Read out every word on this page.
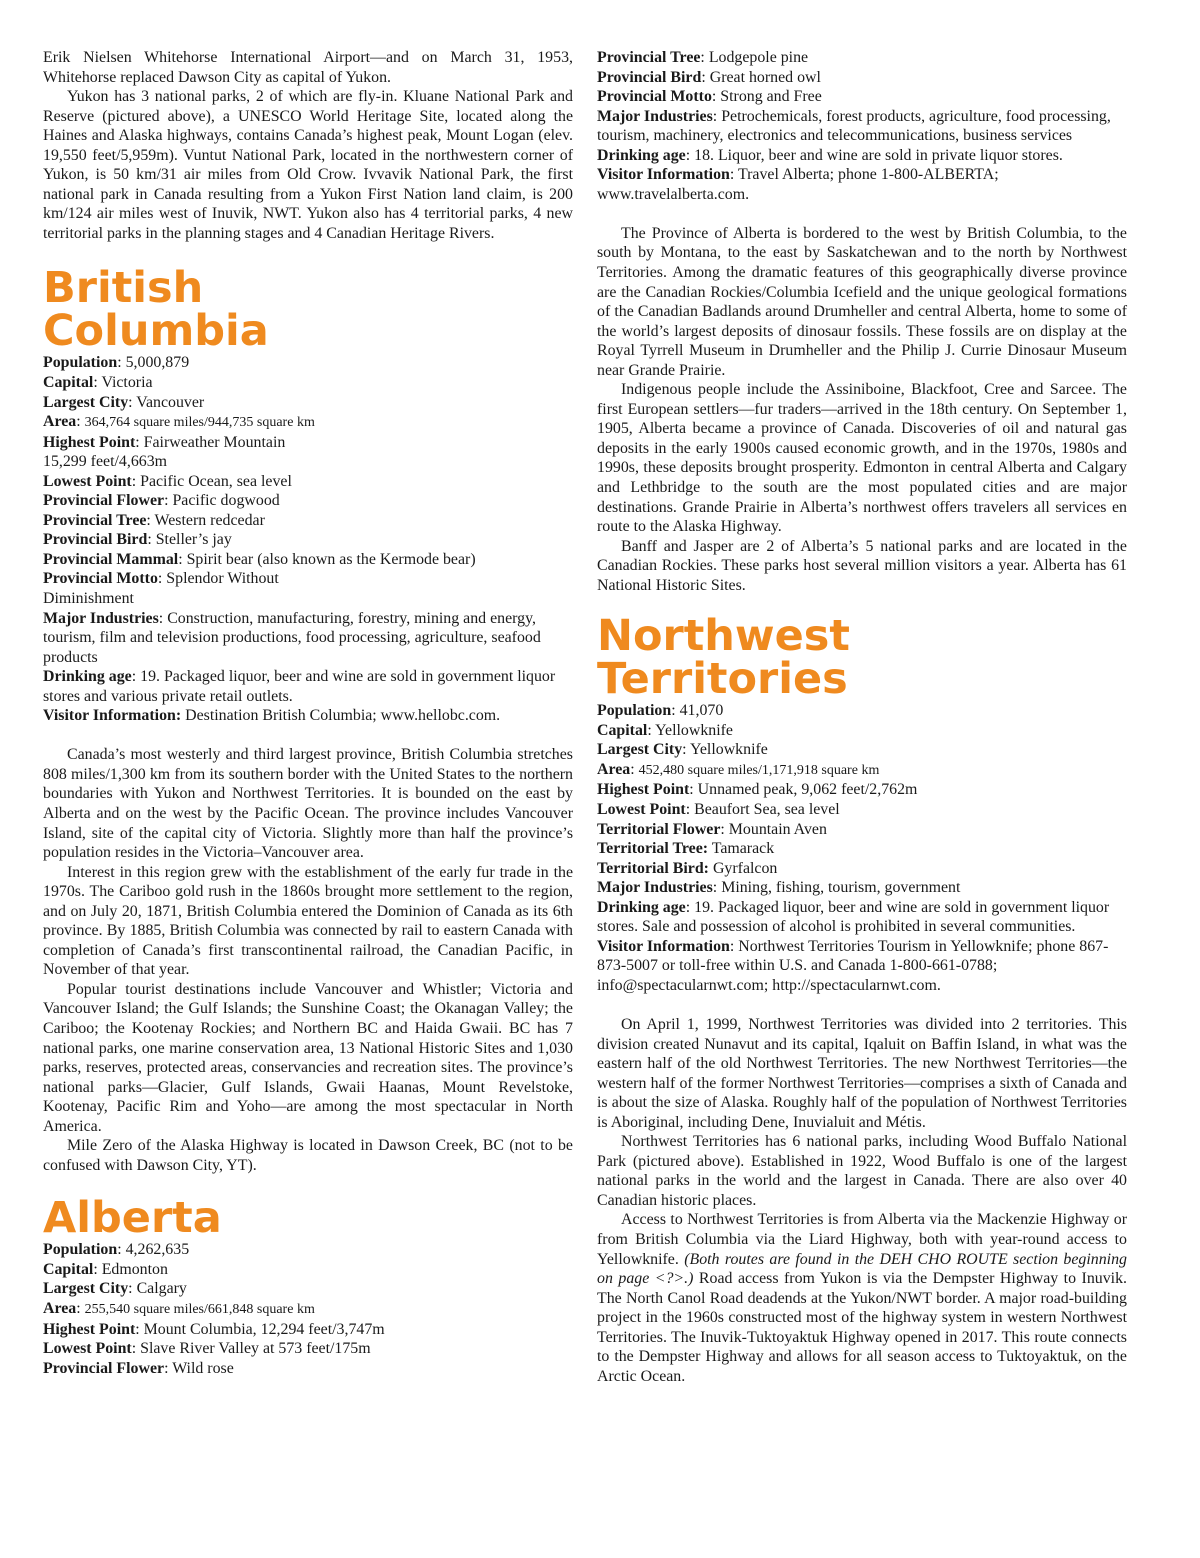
Erik Nielsen Whitehorse International Airport—and on March 31, 1953, Whitehorse replaced Dawson City as capital of Yukon.

Yukon has 3 national parks, 2 of which are fly-in. Kluane National Park and Reserve (pictured above), a UNESCO World Heritage Site, located along the Haines and Alaska highways, contains Canada’s highest peak, Mount Logan (elev. 19,550 feet/5,959m). Vuntut National Park, located in the northwestern corner of Yukon, is 50 km/31 air miles from Old Crow. Ivvavik National Park, the first national park in Canada resulting from a Yukon First Nation land claim, is 200 km/124 air miles west of Inuvik, NWT. Yukon also has 4 territorial parks, 4 new territorial parks in the planning stages and 4 Canadian Heritage Rivers.

British
Columbia
Population: 5,000,879
Capital: Victoria
Largest City: Vancouver
Area: 364,764 square miles/944,735 square km
Highest Point: Fairweather Mountain
15,299 feet/4,663m
Lowest Point: Pacific Ocean, sea level
Provincial Flower: Pacific dogwood
Provincial Tree: Western redcedar
Provincial Bird: Steller’s jay
Provincial Mammal: Spirit bear (also known as the Kermode bear)
Provincial Motto: Splendor Without
Diminishment
Major Industries: Construction, manufacturing, forestry, mining and energy, tourism, film and television productions, food processing, agriculture, seafood products
Drinking age: 19. Packaged liquor, beer and wine are sold in government liquor stores and various private retail outlets.
Visitor Information: Destination British Columbia; www.hellobc.com.

Canada’s most westerly and third largest province, British Columbia stretches 808 miles/1,300 km from its southern border with the United States to the northern boundaries with Yukon and Northwest Territories. It is bounded on the east by Alberta and on the west by the Pacific Ocean. The province includes Vancouver Island, site of the capital city of Victoria. Slightly more than half the province’s population resides in the Victoria–Vancouver area.

Interest in this region grew with the establishment of the early fur trade in the 1970s. The Cariboo gold rush in the 1860s brought more settlement to the region, and on July 20, 1871, British Columbia entered the Dominion of Canada as its 6th province. By 1885, British Columbia was connected by rail to eastern Canada with completion of Canada’s first transcontinental railroad, the Canadian Pacific, in November of that year.

Popular tourist destinations include Vancouver and Whistler; Victoria and Vancouver Island; the Gulf Islands; the Sunshine Coast; the Okanagan Valley; the Cariboo; the Kootenay Rockies; and Northern BC and Haida Gwaii. BC has 7 national parks, one marine conservation area, 13 National Historic Sites and 1,030 parks, reserves, protected areas, conservancies and recreation sites. The province’s national parks—Glacier, Gulf Islands, Gwaii Haanas, Mount Revelstoke, Kootenay, Pacific Rim and Yoho—are among the most spectacular in North America.

Mile Zero of the Alaska Highway is located in Dawson Creek, BC (not to be confused with Dawson City, YT).

Alberta
Population: 4,262,635
Capital: Edmonton
Largest City: Calgary
Area: 255,540 square miles/661,848 square km
Highest Point: Mount Columbia, 12,294 feet/3,747m
Lowest Point: Slave River Valley at 573 feet/175m
Provincial Flower: Wild rose
Provincial Tree: Lodgepole pine
Provincial Bird: Great horned owl
Provincial Motto: Strong and Free
Major Industries: Petrochemicals, forest products, agriculture, food processing, tourism, machinery, electronics and telecommunications, business services
Drinking age: 18. Liquor, beer and wine are sold in private liquor stores.
Visitor Information: Travel Alberta; phone 1-800-ALBERTA; www.travelalberta.com.

The Province of Alberta is bordered to the west by British Columbia, to the south by Montana, to the east by Saskatchewan and to the north by Northwest Territories. Among the dramatic features of this geographically diverse province are the Canadian Rockies/Columbia Icefield and the unique geological formations of the Canadian Badlands around Drumheller and central Alberta, home to some of the world’s largest deposits of dinosaur fossils. These fossils are on display at the Royal Tyrrell Museum in Drumheller and the Philip J. Currie Dinosaur Museum near Grande Prairie.

Indigenous people include the Assiniboine, Blackfoot, Cree and Sarcee. The first European settlers—fur traders—arrived in the 18th century. On September 1, 1905, Alberta became a province of Canada. Discoveries of oil and natural gas deposits in the early 1900s caused economic growth, and in the 1970s, 1980s and 1990s, these deposits brought prosperity. Edmonton in central Alberta and Calgary and Lethbridge to the south are the most populated cities and are major destinations. Grande Prairie in Alberta’s northwest offers travelers all services en route to the Alaska Highway.

Banff and Jasper are 2 of Alberta’s 5 national parks and are located in the Canadian Rockies. These parks host several million visitors a year. Alberta has 61 National Historic Sites.

Northwest
Territories
Population: 41,070
Capital: Yellowknife
Largest City: Yellowknife
Area: 452,480 square miles/1,171,918 square km
Highest Point: Unnamed peak, 9,062 feet/2,762m
Lowest Point: Beaufort Sea, sea level
Territorial Flower: Mountain Aven
Territorial Tree: Tamarack
Territorial Bird: Gyrfalcon
Major Industries: Mining, fishing, tourism, government
Drinking age: 19. Packaged liquor, beer and wine are sold in government liquor stores. Sale and possession of alcohol is prohibited in several communities.
Visitor Information: Northwest Territories Tourism in Yellowknife; phone 867-873-5007 or toll-free within U.S. and Canada 1-800-661-0788; info@spectacularnwt.com; http://spectacularnwt.com.

On April 1, 1999, Northwest Territories was divided into 2 territories. This division created Nunavut and its capital, Iqaluit on Baffin Island, in what was the eastern half of the old Northwest Territories. The new Northwest Territories—the western half of the former Northwest Territories—comprises a sixth of Canada and is about the size of Alaska. Roughly half of the population of Northwest Territories is Aboriginal, including Dene, Inuvialuit and Métis.

Northwest Territories has 6 national parks, including Wood Buffalo National Park (pictured above). Established in 1922, Wood Buffalo is one of the largest national parks in the world and the largest in Canada. There are also over 40 Canadian historic places.

Access to Northwest Territories is from Alberta via the Mackenzie Highway or from British Columbia via the Liard Highway, both with year-round access to Yellowknife. (Both routes are found in the DEH CHO ROUTE section beginning on page <?>.) Road access from Yukon is via the Dempster Highway to Inuvik. The North Canol Road deadends at the Yukon/NWT border. A major road-building project in the 1960s constructed most of the highway system in western Northwest Territories. The Inuvik-Tuktoyaktuk Highway opened in 2017. This route connects to the Dempster Highway and allows for all season access to Tuktoyaktuk, on the Arctic Ocean.
